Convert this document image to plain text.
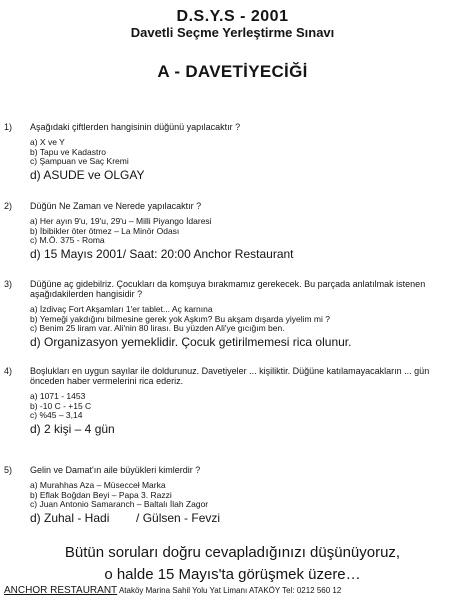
D.S.Y.S - 2001
Davetli Seçme Yerleştirme Sınavı
A - DAVETİYECİĞİ
1)	Aşağıdaki çiftlerden hangisinin düğünü yapılacaktır ?
a) X ve Y
b) Tapu ve Kadastro
c) Şampuan ve Saç Kremi
d) ASUDE ve OLGAY
2)	Düğün Ne Zaman ve Nerede yapılacaktır ?
a) Her ayın 9'u, 19'u, 29'u – Milli Piyango İdaresi
b) İbibikler öter ötmez – La Minör Odası
c) M.Ö. 375 - Roma
d) 15 Mayıs 2001/ Saat: 20:00 Anchor Restaurant
3)	Düğüne aç gidebilriz. Çocukları da komşuya bırakmamız gerekecek. Bu parçada anlatılmak istenen aşağıdakilerden hangisidir ?
a) İzdivaç Fort Akşamları 1'er tablet... Aç karnına
b) Yemeği yakdığını bilmesine gerek yok Aşkım? Bu akşam dışarda yiyelim mi ?
c) Benim 25 liram var. Ali'nin 80 lirası. Bu yüzden Ali'ye gıcığım ben.
d) Organizasyon yemeklidir. Çocuk getirilmemesi rica olunur.
4)	Boşlukları en uygun sayılar ile doldurunuz. Davetiyeler ... kişiliktir. Düğüne katılamayacakların ... gün önceden haber vermelerini rica ederiz.
a) 1071 - 1453
b) -10 C - +15 C
c) %45 – 3,14
d) 2 kişi – 4 gün
5)	Gelin ve Damat'ın aile büyükleri kimlerdir ?
a) Murahhas Aza – Müsecceł Marka
b) Eflak Boğdan Beyi – Papa 3. Razzi
c) Juan Antonio Samaranch – Baltalı İlah Zagor
d) Zuhal - Hadi        / Gülsen - Fevzi
Bütün soruları doğru cevapladığınızı düşünüyoruz,
o halde 15 Mayıs'ta görüşmek üzere…
ANCHOR RESTAURANT Ataköy Marina Sahil Yolu Yat Limanı ATAKÖY Tel: 0212 560 12
